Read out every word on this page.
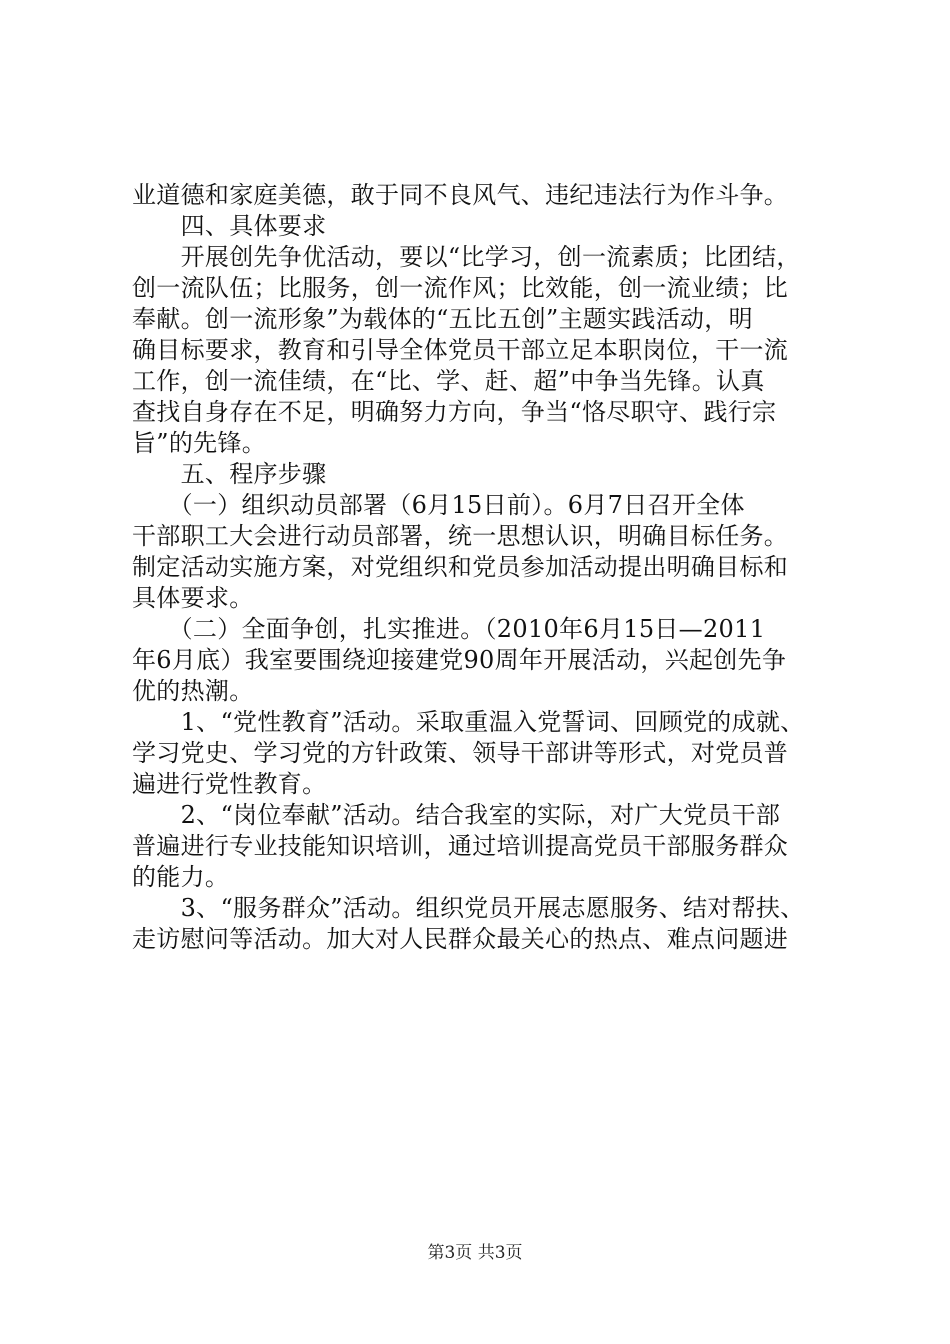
业道德和家庭美德，敢于同不良风气、违纪违法行为作斗争。
　　四、具体要求
　　开展创先争优活动，要以“比学习，创一流素质；比团结，
创一流队伍；比服务，创一流作风；比效能，创一流业绩；比
奉献。创一流形象”为载体的“五比五创”主题实践活动，明
确目标要求，教育和引导全体党员干部立足本职岗位，干一流
工作，创一流佳绩，在“比、学、赶、超”中争当先锋。认真
查找自身存在不足，明确努力方向，争当“恪尽职守、践行宗
旨”的先锋。
　　五、程序步骤
　　（一）组织动员部署（6月15日前）。6月7日召开全体
干部职工大会进行动员部署，统一思想认识，明确目标任务。
制定活动实施方案，对党组织和党员参加活动提出明确目标和
具体要求。
　　（二）全面争创，扎实推进。（2010年6月15日—2011
年6月底）我室要围绕迎接建党90周年开展活动，兴起创先争
优的热潮。
　　1、“党性教育”活动。采取重温入党誓词、回顾党的成就、
学习党史、学习党的方针政策、领导干部讲等形式，对党员普
遍进行党性教育。
　　2、“岗位奉献”活动。结合我室的实际，对广大党员干部
普遍进行专业技能知识培训，通过培训提高党员干部服务群众
的能力。
　　3、“服务群众”活动。组织党员开展志愿服务、结对帮扶、
走访慰问等活动。加大对人民群众最关心的热点、难点问题进
第3页 共3页
